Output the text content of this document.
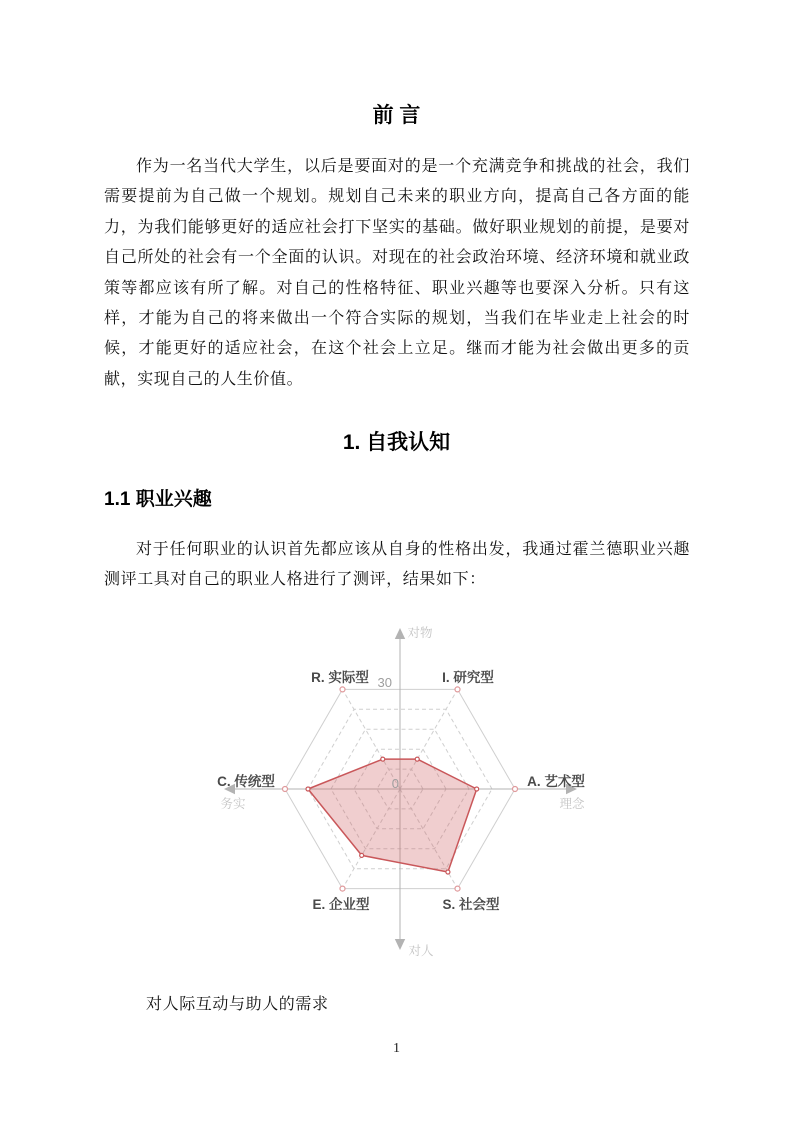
前 言

作为一名当代大学生，以后是要面对的是一个充满竞争和挑战的社会，我们需要提前为自己做一个规划。规划自己未来的职业方向，提高自己各方面的能力，为我们能够更好的适应社会打下坚实的基础。做好职业规划的前提，是要对自己所处的社会有一个全面的认识。对现在的社会政治环境、经济环境和就业政策等都应该有所了解。对自己的性格特征、职业兴趣等也要深入分析。只有这样，才能为自己的将来做出一个符合实际的规划，当我们在毕业走上社会的时候，才能更好的适应社会，在这个社会上立足。继而才能为社会做出更多的贡献，实现自己的人生价值。

1. 自我认知
1.1 职业兴趣

对于任何职业的认识首先都应该从自身的性格出发，我通过霍兰德职业兴趣测评工具对自己的职业人格进行了测评，结果如下：

30
0
R. 实际型	I. 研究型
A. 艺术型
S. 社会型
E. 企业型
C. 传统型
对物
对人
务实	理念

对人际互动与助人的需求

1
